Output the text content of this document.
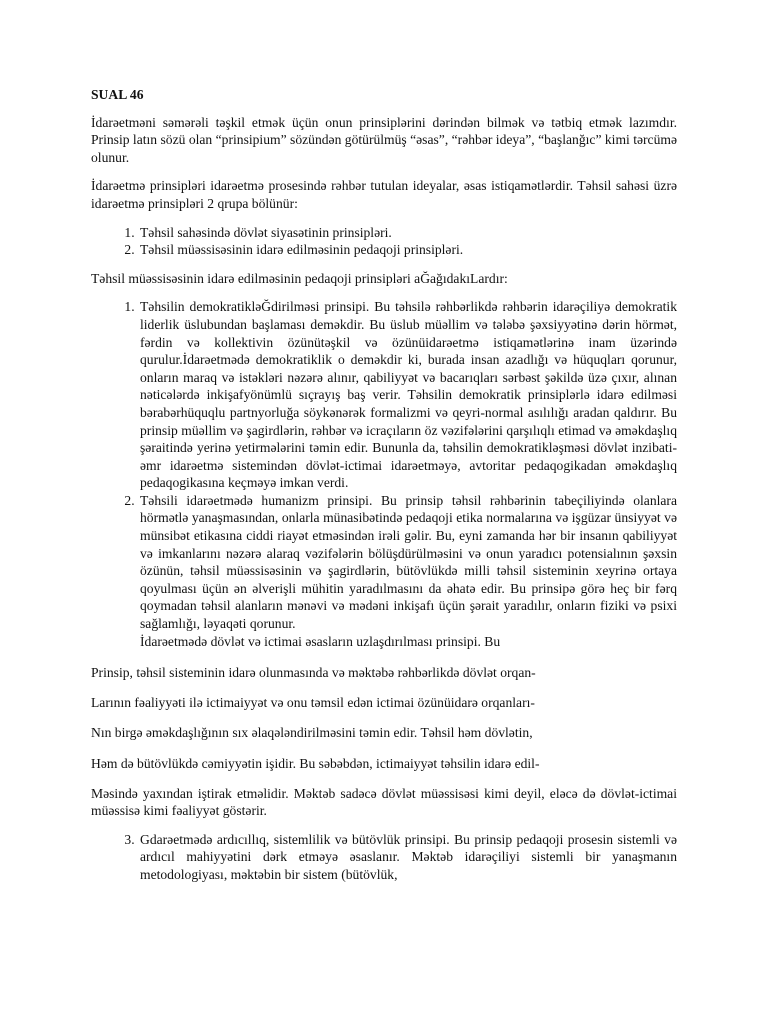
SUAL 46

İdarəetməni səmərəli təşkil etmək üçün onun prinsiplərini dərindən bilmək və tətbiq etmək lazımdır. Prinsip latın sözü olan “prinsipium” sözündən götürülmüş “əsas”, “rəhbər ideya”, “başlanğıc” kimi tərcümə olunur.

İdarəetmə prinsipləri idarəetmə prosesində rəhbər tutulan ideyalar, əsas istiqamətlərdir. Təhsil sahəsi üzrə idarəetmə prinsipləri 2 qrupa bölünür:

1. Təhsil sahəsində dövlət siyasətinin prinsipləri.
2. Təhsil müəssisəsinin idarə edilməsinin pedaqoji prinsipləri.

Təhsil müəssisəsinin idarə edilməsinin pedaqoji prinsipləri aĞağıdakıLardır:

1. Təhsilin demokratikləĞdirilməsi prinsipi. Bu təhsilə rəhbərlikdə rəhbərin idarəçiliyə demokratik liderlik üslubundan başlaması deməkdir. Bu üslub müəllim və tələbə şəxsiyyətinə dərin hörmət, fərdin və kollektivin özünütəşkil və özünüidarəetmə istiqamətlərinə inam üzərində qurulur.İdarəetmədə demokratiklik o deməkdir ki, burada insan azadlığı və hüquqları qorunur, onların maraq və istəkləri nəzərə alınır, qabiliyyət və bacarıqları sərbəst şəkildə üzə çıxır, alınan nəticələrdə inkişafyönümlü sıçrayış baş verir. Təhsilin demokratik prinsiplərlə idarə edilməsi bərabərhüquqlu partnyorluğa söykənərək formalizmi və qeyri-normal asılılığı aradan qaldırır. Bu prinsip müəllim və şagirdlərin, rəhbər və icraçıların öz vəzifələrini qarşılıqlı etimad və əməkdaşlıq şəraitində yerinə yetirmələrini təmin edir. Bununla da, təhsilin demokratikləşməsi dövlət inzibati-əmr idarəetmə sistemindən dövlət-ictimai idarəetməyə, avtoritar pedaqogikadan əməkdaşlıq pedaqogikasına keçməyə imkan verdi.
2. Təhsili idarəetmədə humanizm prinsipi. Bu prinsip təhsil rəhbərinin tabeçiliyində olanlara hörmətlə yanaşmasından, onlarla münasibətində pedaqoji etika normalarına və işgüzar ünsiyyət və münsibət etikasına ciddi riayət etməsindən irəli gəlir. Bu, eyni zamanda hər bir insanın qabiliyyət və imkanlarını nəzərə alaraq vəzifələrin bölüşdürülməsini və onun yaradıcı potensialının şəxsin özünün, təhsil müəssisəsinin və şagirdlərin, bütövlükdə milli təhsil sisteminin xeyrinə ortaya qoyulması üçün ən əlverişli mühitin yaradılmasını da əhatə edir. Bu prinsipə görə heç bir fərq qoymadan təhsil alanların mənəvi və mədəni inkişafı üçün şərait yaradılır, onların fiziki və psixi sağlamlığı, ləyaqəti qorunur.
İdarəetmədə dövlət və ictimai əsasların uzlaşdırılması prinsipi. Bu

Prinsip, təhsil sisteminin idarə olunmasında və məktəbə rəhbərlikdə dövlət orqan-

Larının fəaliyyəti ilə ictimaiyyət və onu təmsil edən ictimai özünüidarə orqanları-

Nın birgə əməkdaşlığının sıx əlaqələndirilməsini təmin edir. Təhsil həm dövlətin,

Həm də bütövlükdə cəmiyyətin işidir. Bu səbəbdən, ictimaiyyət təhsilin idarə edil-

Məsində yaxından iştirak etməlidir. Məktəb sadəcə dövlət müəssisəsi kimi deyil, eləcə də dövlət-ictimai müəssisə kimi fəaliyyət göstərir.

3. Gdarəetmədə ardıcıllıq, sistemlilik və bütövlük prinsipi. Bu prinsip pedaqoji prosesin sistemli və ardıcıl mahiyyətini dərk etməyə əsaslanır. Məktəb idarəçiliyi sistemli bir yanaşmanın metodologiyası, məktəbin bir sistem (bütövlük,
